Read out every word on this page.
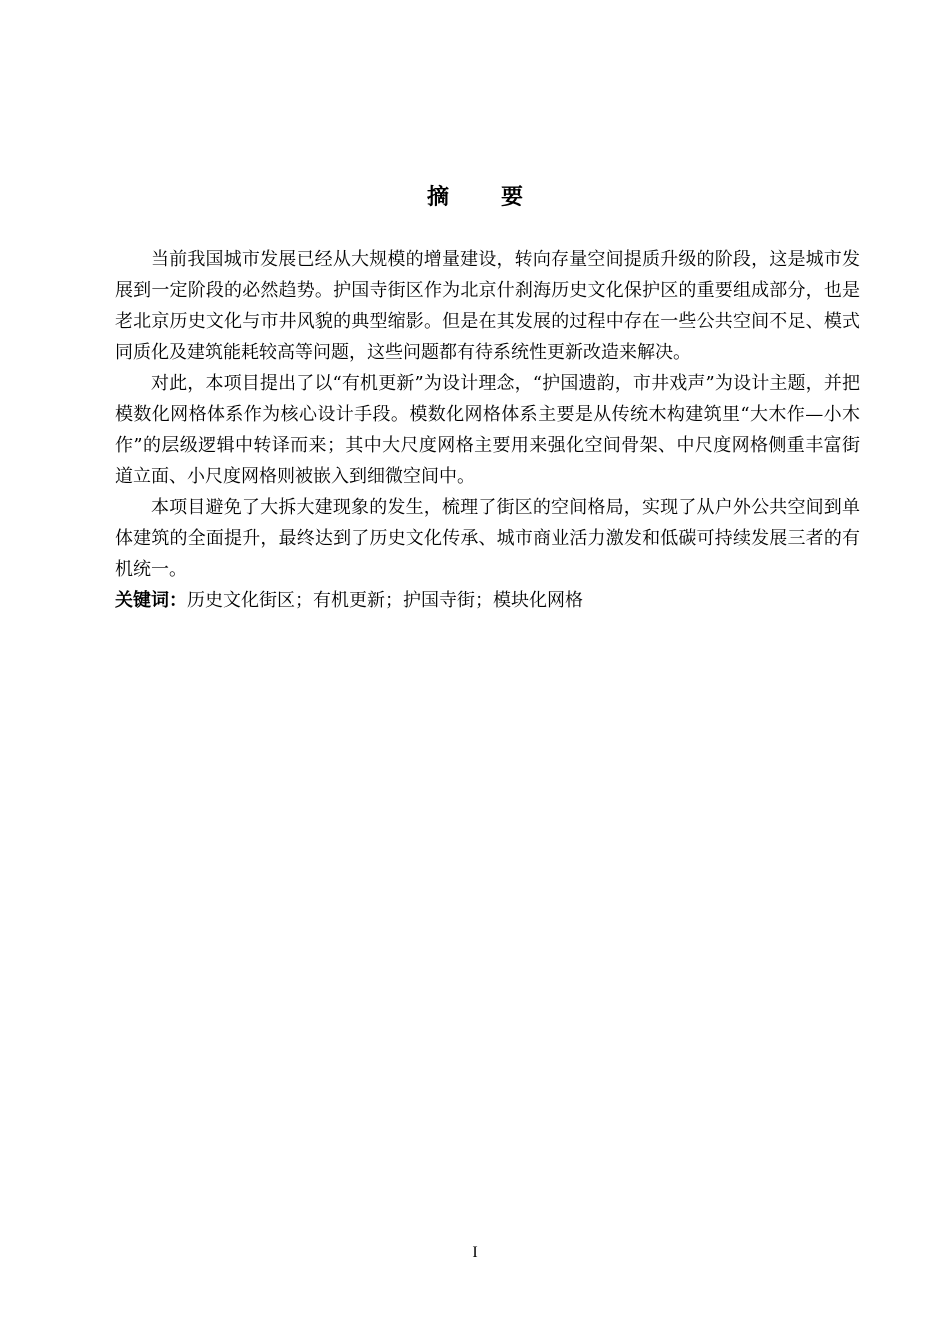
摘要

当前我国城市发展已经从大规模的增量建设，转向存量空间提质升级的阶段，这是城市发展到一定阶段的必然趋势。护国寺街区作为北京什刹海历史文化保护区的重要组成部分，也是老北京历史文化与市井风貌的典型缩影。但是在其发展的过程中存在一些公共空间不足、模式同质化及建筑能耗较高等问题，这些问题都有待系统性更新改造来解决。

对此，本项目提出了以“有机更新”为设计理念，“护国遗韵，市井戏声”为设计主题，并把模数化网格体系作为核心设计手段。模数化网格体系主要是从传统木构建筑里“大木作—小木作”的层级逻辑中转译而来；其中大尺度网格主要用来强化空间骨架、中尺度网格侧重丰富街道立面、小尺度网格则被嵌入到细微空间中。

本项目避免了大拆大建现象的发生，梳理了街区的空间格局，实现了从户外公共空间到单体建筑的全面提升，最终达到了历史文化传承、城市商业活力激发和低碳可持续发展三者的有机统一。

关键词：历史文化街区；有机更新；护国寺街；模块化网格

I
